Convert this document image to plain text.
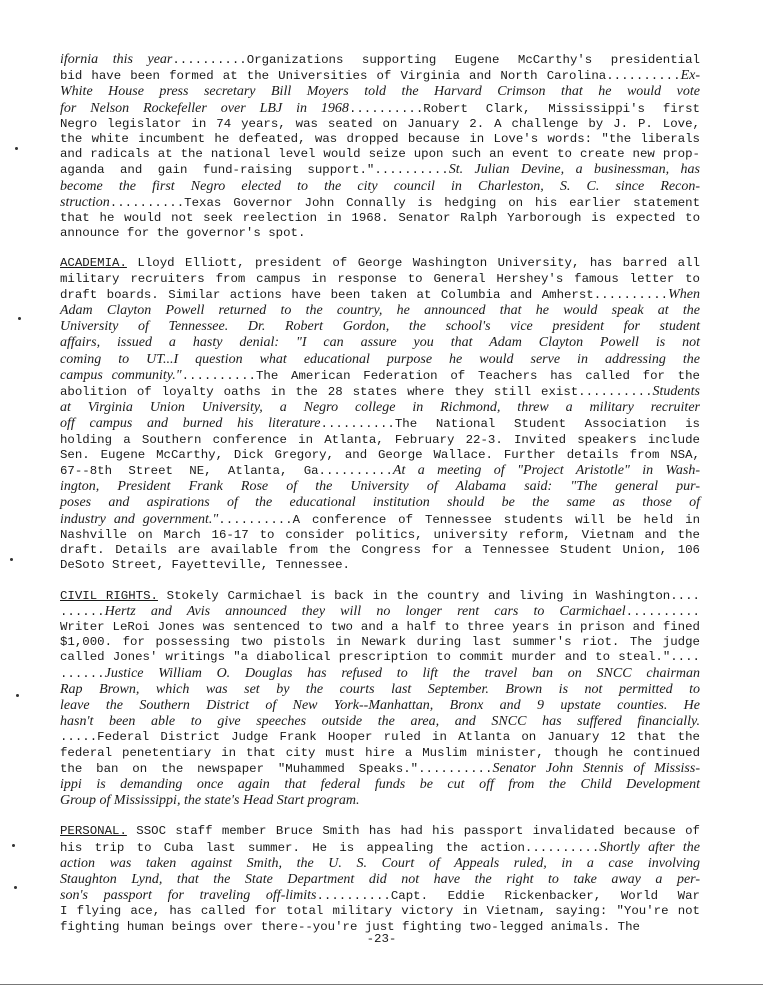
ifornia this year..........Organizations supporting Eugene McCarthy's presidential
bid have been formed at the Universities of Virginia and North Carolina..........Ex-
White House press secretary Bill Moyers told the Harvard Crimson that he would vote
for Nelson Rockefeller over LBJ in 1968..........Robert Clark, Mississippi's first
Negro legislator in 74 years, was seated on January 2. A challenge by J. P. Love,
the white incumbent he defeated, was dropped because in Love's words: "the liberals
and radicals at the national level would seize upon such an event to create new prop-
aganda and gain fund-raising support."..........St. Julian Devine, a businessman, has
become the first Negro elected to the city council in Charleston, S. C. since Recon-
struction..........Texas Governor John Connally is hedging on his earlier statement
that he would not seek reelection in 1968. Senator Ralph Yarborough is expected to
announce for the governor's spot.
ACADEMIA. Lloyd Elliott, president of George Washington University, has barred all
military recruiters from campus in response to General Hershey's famous letter to
draft boards. Similar actions have been taken at Columbia and Amherst..........When
Adam Clayton Powell returned to the country, he announced that he would speak at the
University of Tennessee. Dr. Robert Gordon, the school's vice president for student
affairs, issued a hasty denial: "I can assure you that Adam Clayton Powell is not
coming to UT...I question what educational purpose he would serve in addressing the
campus community."..........The American Federation of Teachers has called for the
abolition of loyalty oaths in the 28 states where they still exist..........Students
at Virginia Union University, a Negro college in Richmond, threw a military recruiter
off campus and burned his literature..........The National Student Association is
holding a Southern conference in Atlanta, February 22-3. Invited speakers include
Sen. Eugene McCarthy, Dick Gregory, and George Wallace. Further details from NSA,
67--8th Street NE, Atlanta, Ga..........At a meeting of "Project Aristotle" in Wash-
ington, President Frank Rose of the University of Alabama said: "The general pur-
poses and aspirations of the educational institution should be the same as those of
industry and government."..........A conference of Tennessee students will be held in
Nashville on March 16-17 to consider politics, university reform, Vietnam and the
draft. Details are available from the Congress for a Tennessee Student Union, 106
DeSoto Street, Fayetteville, Tennessee.
CIVIL RIGHTS. Stokely Carmichael is back in the country and living in Washington....
......Hertz and Avis announced they will no longer rent cars to Carmichael..........
Writer LeRoi Jones was sentenced to two and a half to three years in prison and fined
$1,000. for possessing two pistols in Newark during last summer's riot. The judge
called Jones' writings "a diabolical prescription to commit murder and to steal."....
......Justice William O. Douglas has refused to lift the travel ban on SNCC chairman
Rap Brown, which was set by the courts last September. Brown is not permitted to
leave the Southern District of New York--Manhattan, Bronx and 9 upstate counties. He
hasn't been able to give speeches outside the area, and SNCC has suffered financially.
.....Federal District Judge Frank Hooper ruled in Atlanta on January 12 that the
federal penetentiary in that city must hire a Muslim minister, though he continued
the ban on the newspaper "Muhammed Speaks."..........Senator John Stennis of Mississ-
ippi is demanding once again that federal funds be cut off from the Child Development
Group of Mississippi, the state's Head Start program.
PERSONAL. SSOC staff member Bruce Smith has had his passport invalidated because of
his trip to Cuba last summer. He is appealing the action..........Shortly after the
action was taken against Smith, the U. S. Court of Appeals ruled, in a case involving
Staughton Lynd, that the State Department did not have the right to take away a per-
son's passport for traveling off-limits..........Capt. Eddie Rickenbacker, World War
I flying ace, has called for total military victory in Vietnam, saying: "You're not
fighting human beings over there--you're just fighting two-legged animals. The
-23-
